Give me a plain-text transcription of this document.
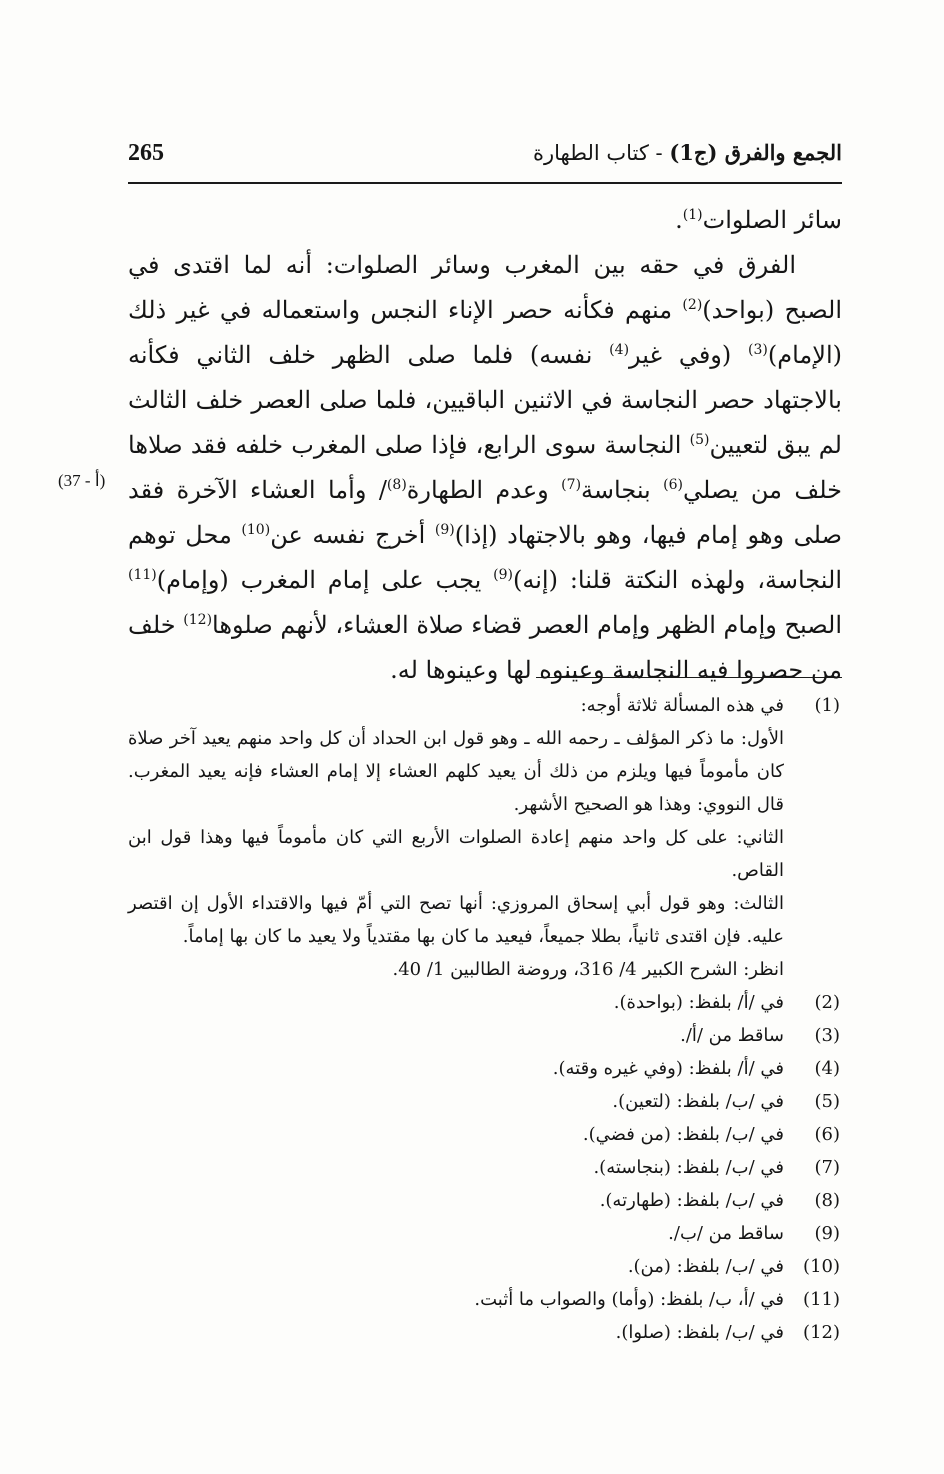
265	الجمع والفرق (ج1) - كتاب الطهارة

سائر الصلوات$^{(1)}$.

الفرق في حقه بين المغرب وسائر الصلوات: أنه لما اقتدى في الصبح (بواحد)$^{(2)}$ منهم فكأنه حصر الإناء النجس واستعماله في غير ذلك (الإمام)$^{(3)}$ (وفي غير$^{(4)}$ نفسه) فلما صلى الظهر خلف الثاني فكأنه بالاجتهاد حصر النجاسة في الاثنين الباقيين، فلما صلى العصر خلف الثالث لم يبق لتعيين$^{(5)}$ النجاسة سوى الرابع، فإذا صلى المغرب خلفه فقد صلاها خلف من يصلي$^{(6)}$ بنجاسة$^{(7)}$ وعدم الطهارة$^{(8)}$/ وأما العشاء الآخرة فقد صلى وهو إمام فيها، وهو بالاجتهاد (إذا)$^{(9)}$ أخرج نفسه عن$^{(10)}$ محل توهم النجاسة، ولهذه النكتة قلنا: (إنه)$^{(9)}$ يجب على إمام المغرب (وإمام)$^{(11)}$ الصبح وإمام الظهر وإمام العصر قضاء صلاة العشاء، لأنهم صلوها$^{(12)}$ خلف من حصروا فيه النجاسة وعينوه لها وعينوها له.

(37 - أ)
(1)
في هذه المسألة ثلاثة أوجه:
الأول: ما ذكر المؤلف ـ رحمه الله ـ وهو قول ابن الحداد أن كل واحد منهم يعيد آخر صلاة كان مأموماً فيها ويلزم من ذلك أن يعيد كلهم العشاء إلا إمام العشاء فإنه يعيد المغرب. قال النووي: وهذا هو الصحيح الأشهر.
الثاني: على كل واحد منهم إعادة الصلوات الأربع التي كان مأموماً فيها وهذا قول ابن القاص.
الثالث: وهو قول أبي إسحاق المروزي: أنها تصح التي أمّ فيها والاقتداء الأول إن اقتصر عليه. فإن اقتدى ثانياً، بطلا جميعاً، فيعيد ما كان بها مقتدياً ولا يعيد ما كان بها إماماً.
انظر: الشرح الكبير 4/ 316، وروضة الطالبين 1/ 40.
(2)
في /أ/ بلفظ: (بواحدة).
(3)
ساقط من /أ/.
(4)
في /أ/ بلفظ: (وفي غيره وقته).
(5)
في /ب/ بلفظ: (لتعين).
(6)
في /ب/ بلفظ: (من فضي).
(7)
في /ب/ بلفظ: (بنجاسته).
(8)
في /ب/ بلفظ: (طهارته).
(9)
ساقط من /ب/.
(10)
في /ب/ بلفظ: (من).
(11)
في /أ، ب/ بلفظ: (وأما) والصواب ما أثبت.
(12)
في /ب/ بلفظ: (صلوا).
